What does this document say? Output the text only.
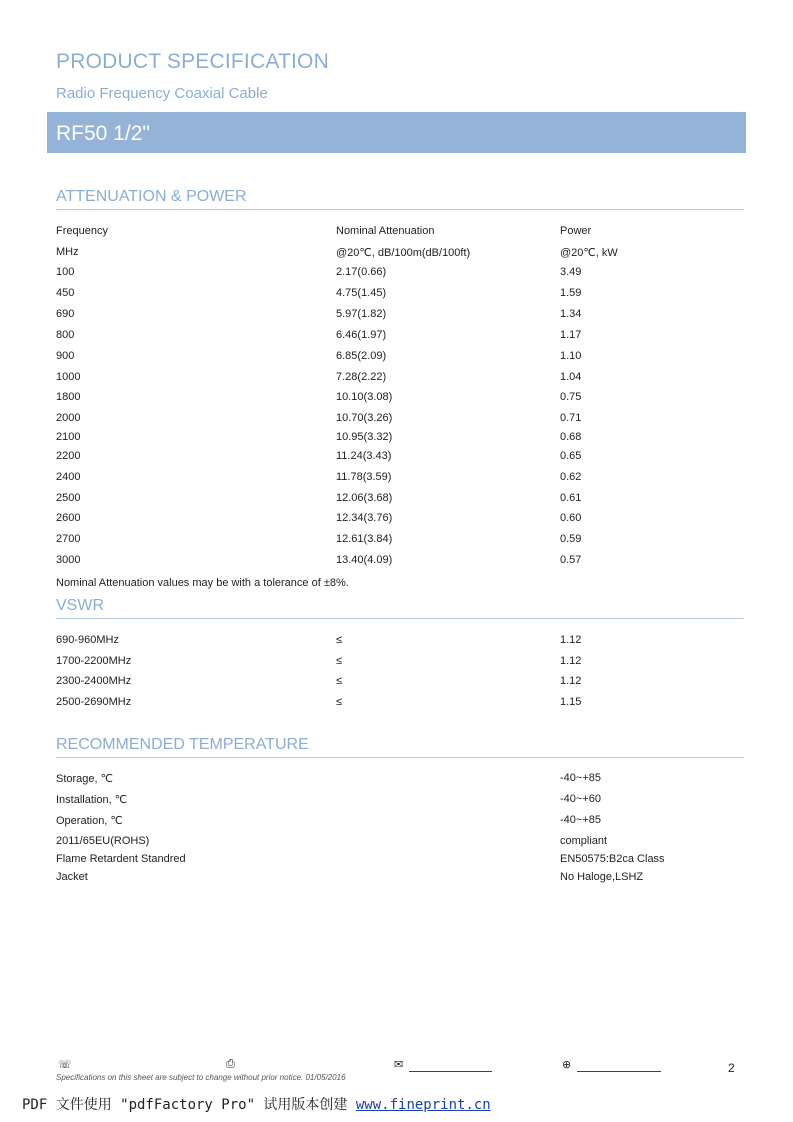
PRODUCT SPECIFICATION
Radio Frequency Coaxial Cable
RF50 1/2"
ATTENUATION & POWER
Frequency	Nominal Attenuation	Power
MHz	@20℃, dB/100m(dB/100ft)	@20℃, kW
100	2.17(0.66)	3.49
450	4.75(1.45)	1.59
690	5.97(1.82)	1.34
800	6.46(1.97)	1.17
900	6.85(2.09)	1.10
1000	7.28(2.22)	1.04
1800	10.10(3.08)	0.75
2000	10.70(3.26)	0.71
2100	10.95(3.32)	0.68
2200	11.24(3.43)	0.65
2400	11.78(3.59)	0.62
2500	12.06(3.68)	0.61
2600	12.34(3.76)	0.60
2700	12.61(3.84)	0.59
3000	13.40(4.09)	0.57
Nominal Attenuation values may be with a tolerance of ±8%.
VSWR
690-960MHz	≤	1.12
1700-2200MHz	≤	1.12
2300-2400MHz	≤	1.12
2500-2690MHz	≤	1.15
RECOMMENDED TEMPERATURE
Storage, ℃	-40~+85
Installation, ℃	-40~+60
Operation, ℃	-40~+85
2011/65EU(ROHS)	compliant
Flame Retardent Standred	EN50575:B2ca Class
Jacket	No Haloge,LSHZ
☏	⎙	✉	⊕	2
Specifications on this sheet are subject to change without prior notice. 01/05/2016
PDF 文件使用 "pdfFactory Pro" 试用版本创建 www.fineprint.cn
